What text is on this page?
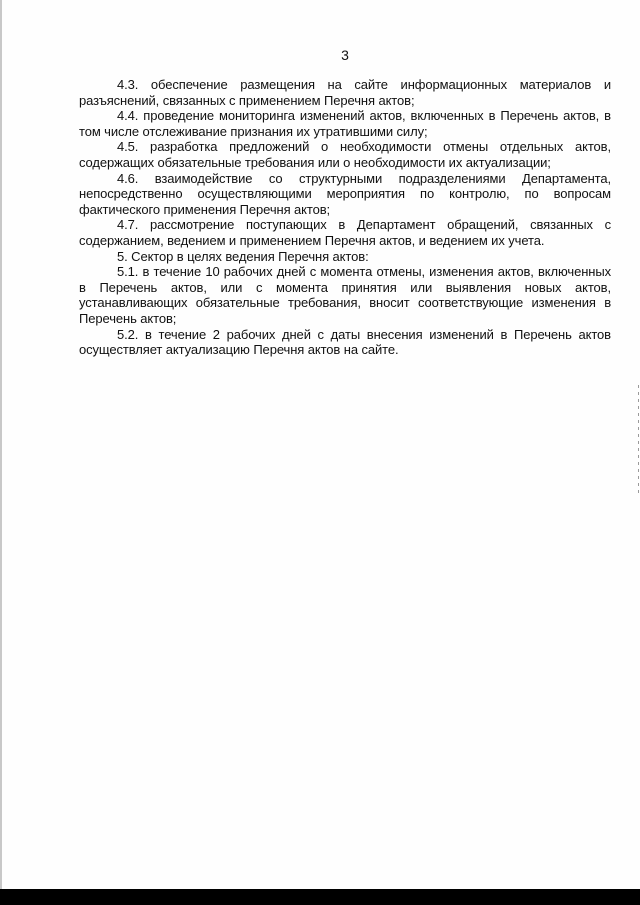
3

4.3. обеспечение размещения на сайте информационных материалов и разъяснений, связанных с применением Перечня актов;

4.4. проведение мониторинга изменений актов, включенных в Перечень актов, в том числе отслеживание признания их утратившими силу;

4.5. разработка предложений о необходимости отмены отдельных актов, содержащих обязательные требования или о необходимости их актуализации;

4.6. взаимодействие со структурными подразделениями Департамента, непосредственно осуществляющими мероприятия по контролю, по вопросам фактического применения Перечня актов;

4.7. рассмотрение поступающих в Департамент обращений, связанных с содержанием, ведением и применением Перечня актов, и ведением их учета.

5. Сектор в целях ведения Перечня актов:

5.1. в течение 10 рабочих дней с момента отмены, изменения актов, включенных в Перечень актов, или с момента принятия или выявления новых актов, устанавливающих обязательные требования, вносит соответствующие изменения в Перечень актов;

5.2. в течение 2 рабочих дней с даты внесения изменений в Перечень актов осуществляет актуализацию Перечня актов на сайте.
